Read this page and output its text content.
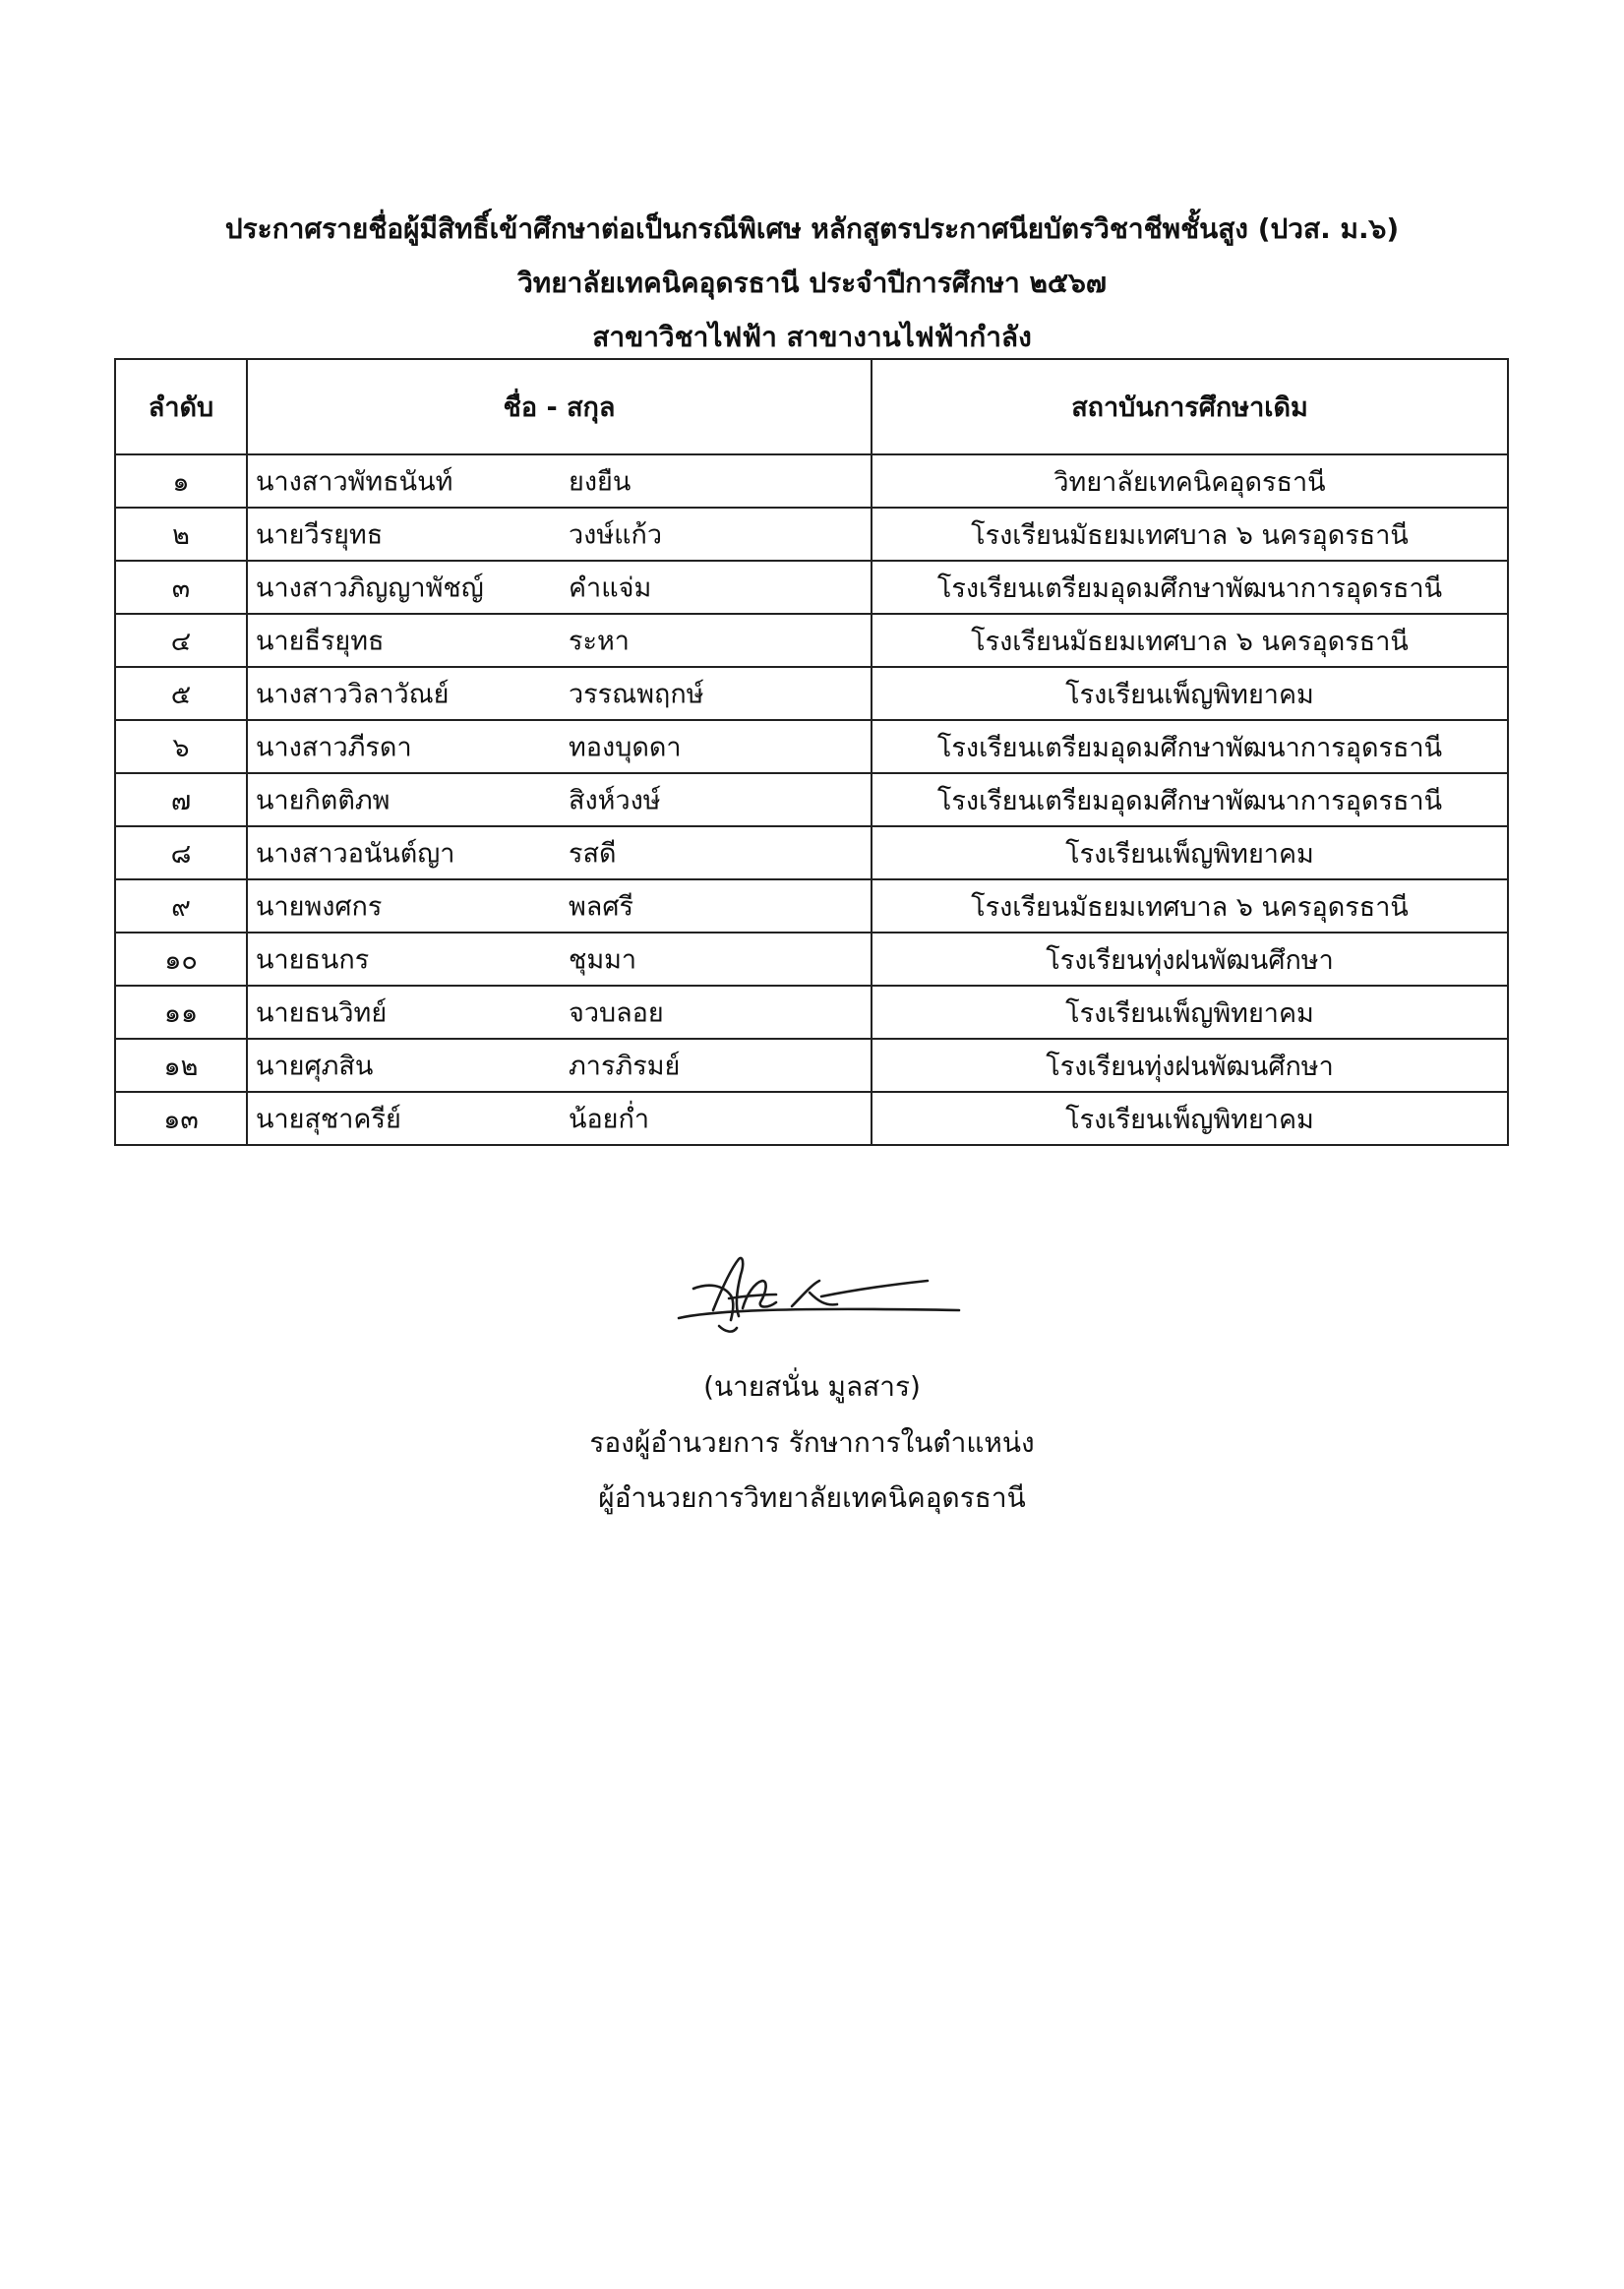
ประกาศรายชื่อผู้มีสิทธิ์เข้าศึกษาต่อเป็นกรณีพิเศษ หลักสูตรประกาศนียบัตรวิชาชีพชั้นสูง (ปวส. ม.๖)
วิทยาลัยเทคนิคอุดรธานี ประจำปีการศึกษา ๒๕๖๗
สาขาวิชาไฟฟ้า สาขางานไฟฟ้ากำลัง
ลำดับ	ชื่อ - สกุล	สถาบันการศึกษาเดิม
๑	นางสาวพัทธนันท์ ยงยืน	วิทยาลัยเทคนิคอุดรธานี
๒	นายวีรยุทธ วงษ์แก้ว	โรงเรียนมัธยมเทศบาล ๖ นครอุดรธานี
๓	นางสาวภิญญาพัชญ์ คำแจ่ม	โรงเรียนเตรียมอุดมศึกษาพัฒนาการอุดรธานี
๔	นายธีรยุทธ ระหา	โรงเรียนมัธยมเทศบาล ๖ นครอุดรธานี
๕	นางสาววิลาวัณย์ วรรณพฤกษ์	โรงเรียนเพ็ญพิทยาคม
๖	นางสาวภีรดา ทองบุดดา	โรงเรียนเตรียมอุดมศึกษาพัฒนาการอุดรธานี
๗	นายกิตติภพ สิงห์วงษ์	โรงเรียนเตรียมอุดมศึกษาพัฒนาการอุดรธานี
๘	นางสาวอนันต์ญา รสดี	โรงเรียนเพ็ญพิทยาคม
๙	นายพงศกร พลศรี	โรงเรียนมัธยมเทศบาล ๖ นครอุดรธานี
๑๐	นายธนกร ชุมมา	โรงเรียนทุ่งฝนพัฒนศึกษา
๑๑	นายธนวิทย์ จวบลอย	โรงเรียนเพ็ญพิทยาคม
๑๒	นายศุภสิน ภารภิรมย์	โรงเรียนทุ่งฝนพัฒนศึกษา
๑๓	นายสุชาครีย์ น้อยก่ำ	โรงเรียนเพ็ญพิทยาคม
(นายสนั่น มูลสาร)
รองผู้อำนวยการ รักษาการในตำแหน่ง
ผู้อำนวยการวิทยาลัยเทคนิคอุดรธานี
